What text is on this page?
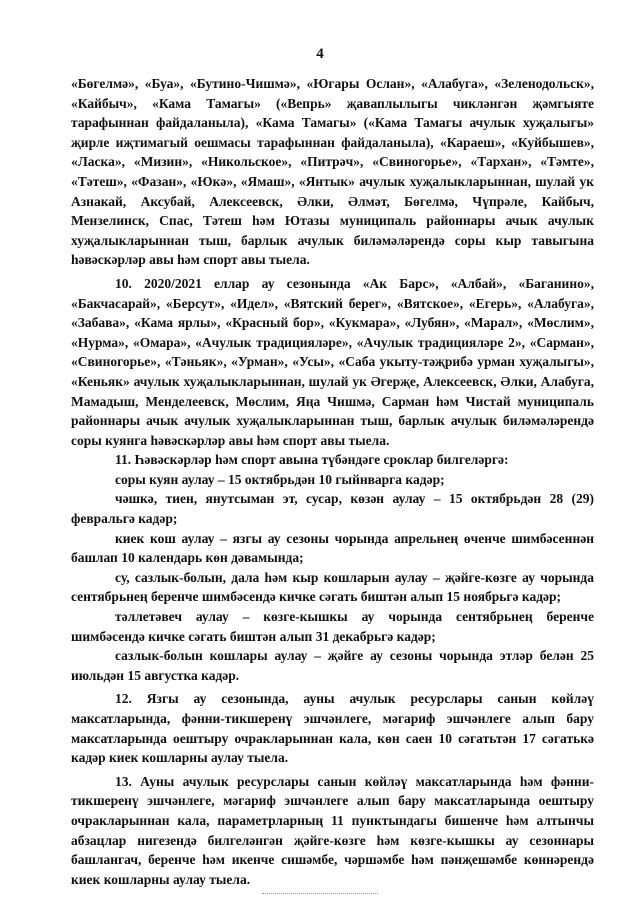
4

«Бөгелмә», «Буа», «Бутино-Чишмә», «Югары Ослан», «Алабуга», «Зеленодольск», «Кайбыч», «Кама Тамагы» («Вепрь» җаваплылыгы чикләнгән җәмгыяте тарафыннан файдаланыла), «Кама Тамагы» («Кама Тамагы ачулык хуҗалыгы» җирле иҗтимагый оешмасы тарафыннан файдаланыла), «Караеш», «Куйбышев», «Ласка», «Мизин», «Никольское», «Питрәч», «Свиногорье», «Тархан», «Тәмте», «Тәтеш», «Фазан», «Юкә», «Ямаш», «Янтык» ачулык хуҗалыкларыннан, шулай ук Азнакай, Аксубай, Алексеевск, Әлки, Әлмәт, Бөгелмә, Чүпрәле, Кайбыч, Мензелинск, Спас, Тәтеш һәм Ютазы муниципаль районнары ачык ачулык хуҗалыкларыннан тыш, барлык ачулык биләмәләрендә соры кыр тавыгына һәвәскәрләр авы һәм спорт авы тыела.

10. 2020/2021 еллар ау сезонында «Ак Барс», «Албай», «Баганино», «Бакчасарай», «Берсут», «Идел», «Вятский берег», «Вятское», «Егерь», «Алабуга», «Забава», «Кама ярлы», «Красный бор», «Кукмара», «Лубян», «Марал», «Мөслим», «Нурма», «Омара», «Ачулык традицияләре», «Ачулык традицияләре 2», «Сарман», «Свиногорье», «Тәньяк», «Урман», «Усы», «Саба укыту-тәҗрибә урман хуҗалыгы», «Кеньяк» ачулык хуҗалыкларыннан, шулай ук Әгерҗе, Алексеевск, Әлки, Алабуга, Мамадыш, Менделеевск, Мөслим, Яңа Чишмә, Сарман һәм Чистай муниципаль районнары ачык ачулык хуҗалыкларыннан тыш, барлык ачулык биләмәләрендә соры куянга һәвәскәрләр авы һәм спорт авы тыела.

11. Һәвәскәрләр һәм спорт авына түбәндәге сроклар билгеләргә:

соры куян аулау – 15 октябрьдән 10 гыйнварга кадәр;

чәшкә, тиен, янутсыман эт, сусар, көзән аулау – 15 октябрьдән 28 (29) февральгә кадәр;

киек кош аулау – язгы ау сезоны чорында апрельнең өченче шимбәсеннән башлап 10 календарь көн дәвамында;

су, сазлык-болын, дала һәм кыр кошларын аулау – җәйге-көзге ау чорында сентябрьнең беренче шимбәсендә кичке сәгать биштән алып 15 ноябрьгә кадәр;

тәллетәвеч аулау – көзге-кышкы ау чорында сентябрьнең беренче шимбәсендә кичке сәгать биштән алып 31 декабрьгә кадәр;

сазлык-болын кошлары аулау – җәйге ау сезоны чорында этләр белән 25 июльдән 15 августка кадәр.

12. Язгы ау сезонында, ауны ачулык ресурслары санын көйләү максатларында, фәнни-тикшеренү эшчәнлеге, мәгариф эшчәнлеге алып бару максатларында оештыру очракларыннан кала, көн саен 10 сәгатьтән 17 сәгатькә кадәр киек кошларны аулау тыела.

13. Ауны ачулык ресурслары санын көйләү максатларында һәм фәнни-тикшеренү эшчәнлеге, мәгариф эшчәнлеге алып бару максатларында оештыру очракларыннан кала, параметрларның 11 пунктындагы бишенче һәм алтынчы абзацлар нигезендә билгеләнгән җәйге-көзге һәм көзге-кышкы ау сезоннары башлангач, беренче һәм икенче сишәмбе, чәршәмбе һәм пәнҗешәмбе көннәрендә киек кошларны аулау тыела.
